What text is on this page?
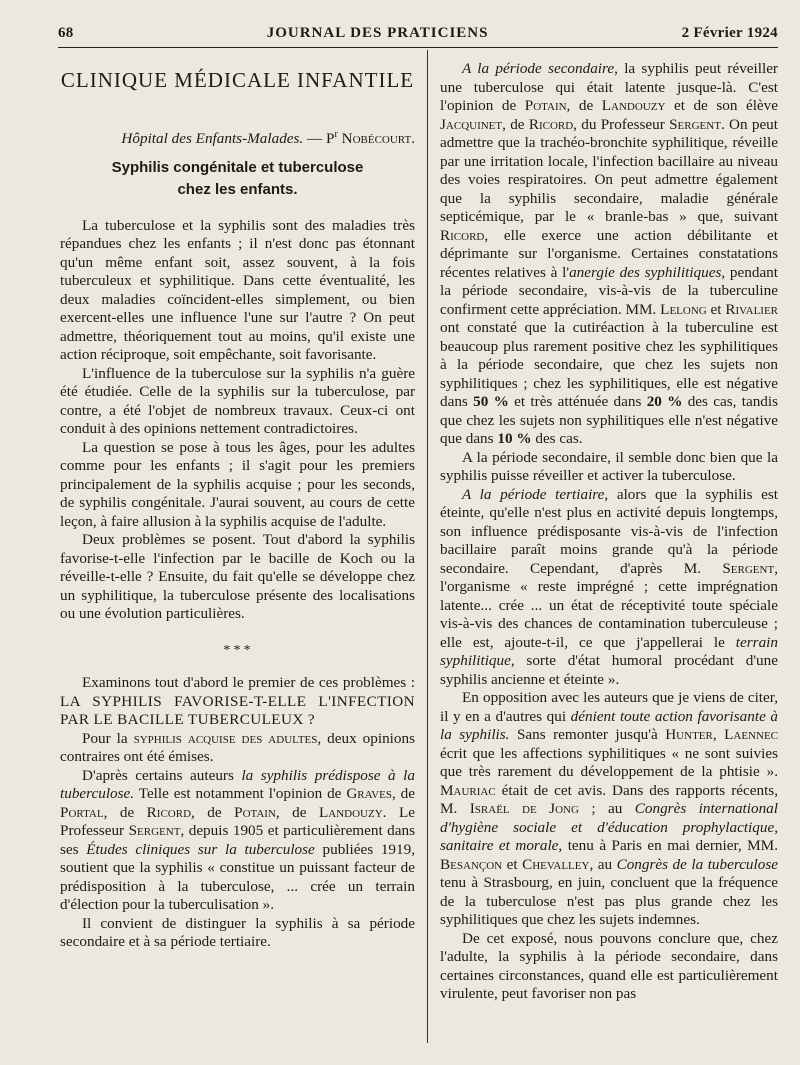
68	JOURNAL DES PRATICIENS	2 Février 1924
CLINIQUE MÉDICALE INFANTILE
Hôpital des Enfants-Malades. — $P^r$ Nobécourt.
Syphilis congénitale et tuberculose
chez les enfants.

La tuberculose et la syphilis sont des maladies très répandues chez les enfants ; il n'est donc pas étonnant qu'un même enfant soit, assez souvent, à la fois tuberculeux et syphilitique. Dans cette éventualité, les deux maladies coïncident-elles simplement, ou bien exercent-elles une influence l'une sur l'autre ? On peut admettre, théoriquement tout au moins, qu'il existe une action réciproque, soit empêchante, soit favorisante.

L'influence de la tuberculose sur la syphilis n'a guère été étudiée. Celle de la syphilis sur la tuberculose, par contre, a été l'objet de nombreux travaux. Ceux-ci ont conduit à des opinions nettement contradictoires.

La question se pose à tous les âges, pour les adultes comme pour les enfants ; il s'agit pour les premiers principalement de la syphilis acquise ; pour les seconds, de syphilis congénitale. J'aurai souvent, au cours de cette leçon, à faire allusion à la syphilis acquise de l'adulte.

Deux problèmes se posent. Tout d'abord la syphilis favorise-t-elle l'infection par le bacille de Koch ou la réveille-t-elle ? Ensuite, du fait qu'elle se développe chez un syphilitique, la tuberculose présente des localisations ou une évolution particulières.

* * *

Examinons tout d'abord le premier de ces problèmes : LA SYPHILIS FAVORISE-T-ELLE L'INFECTION PAR LE BACILLE TUBERCULEUX ?

Pour la syphilis acquise des adultes, deux opinions contraires ont été émises.

D'après certains auteurs la syphilis prédispose à la tuberculose. Telle est notamment l'opinion de Graves, de Portal, de Ricord, de Potain, de Landouzy. Le Professeur Sergent, depuis 1905 et particulièrement dans ses Études cliniques sur la tuberculose publiées 1919, soutient que la syphilis « constitue un puissant facteur de prédisposition à la tuberculose, ... crée un terrain d'élection pour la tuberculisation ».

Il convient de distinguer la syphilis à sa période secondaire et à sa période tertiaire.

A la période secondaire, la syphilis peut réveiller une tuberculose qui était latente jusque-là. C'est l'opinion de Potain, de Landouzy et de son élève Jacquinet, de Ricord, du Professeur Sergent. On peut admettre que la trachéo-bronchite syphilitique, réveille par une irritation locale, l'infection bacillaire au niveau des voies respiratoires. On peut admettre également que la syphilis secondaire, maladie générale septicémique, par le « branle-bas » que, suivant Ricord, elle exerce une action débilitante et déprimante sur l'organisme. Certaines constatations récentes relatives à l'anergie des syphilitiques, pendant la période secondaire, vis-à-vis de la tuberculine confirment cette appréciation. MM. Lelong et Rivalier ont constaté que la cutiréaction à la tuberculine est beaucoup plus rarement positive chez les syphilitiques à la période secondaire, que chez les sujets non syphilitiques ; chez les syphilitiques, elle est négative dans 50 % et très atténuée dans 20 % des cas, tandis que chez les sujets non syphilitiques elle n'est négative que dans 10 % des cas.

A la période secondaire, il semble donc bien que la syphilis puisse réveiller et activer la tuberculose.

A la période tertiaire, alors que la syphilis est éteinte, qu'elle n'est plus en activité depuis longtemps, son influence prédisposante vis-à-vis de l'infection bacillaire paraît moins grande qu'à la période secondaire. Cependant, d'après M. Sergent, l'organisme « reste imprégné ; cette imprégnation latente... crée ... un état de réceptivité toute spéciale vis-à-vis des chances de contamination tuberculeuse ; elle est, ajoute-t-il, ce que j'appellerai le terrain syphilitique, sorte d'état humoral procédant d'une syphilis ancienne et éteinte ».

En opposition avec les auteurs que je viens de citer, il y en a d'autres qui dénient toute action favorisante à la syphilis. Sans remonter jusqu'à Hunter, Laennec écrit que les affections syphilitiques « ne sont suivies que très rarement du développement de la phtisie ». Mauriac était de cet avis. Dans des rapports récents, M. Israël de Jong ; au Congrès international d'hygiène sociale et d'éducation prophylactique, sanitaire et morale, tenu à Paris en mai dernier, MM. Besançon et Chevalley, au Congrès de la tuberculose tenu à Strasbourg, en juin, concluent que la fréquence de la tuberculose n'est pas plus grande chez les syphilitiques que chez les sujets indemnes.

De cet exposé, nous pouvons conclure que, chez l'adulte, la syphilis à la période secondaire, dans certaines circonstances, quand elle est particulièrement virulente, peut favoriser non pas
